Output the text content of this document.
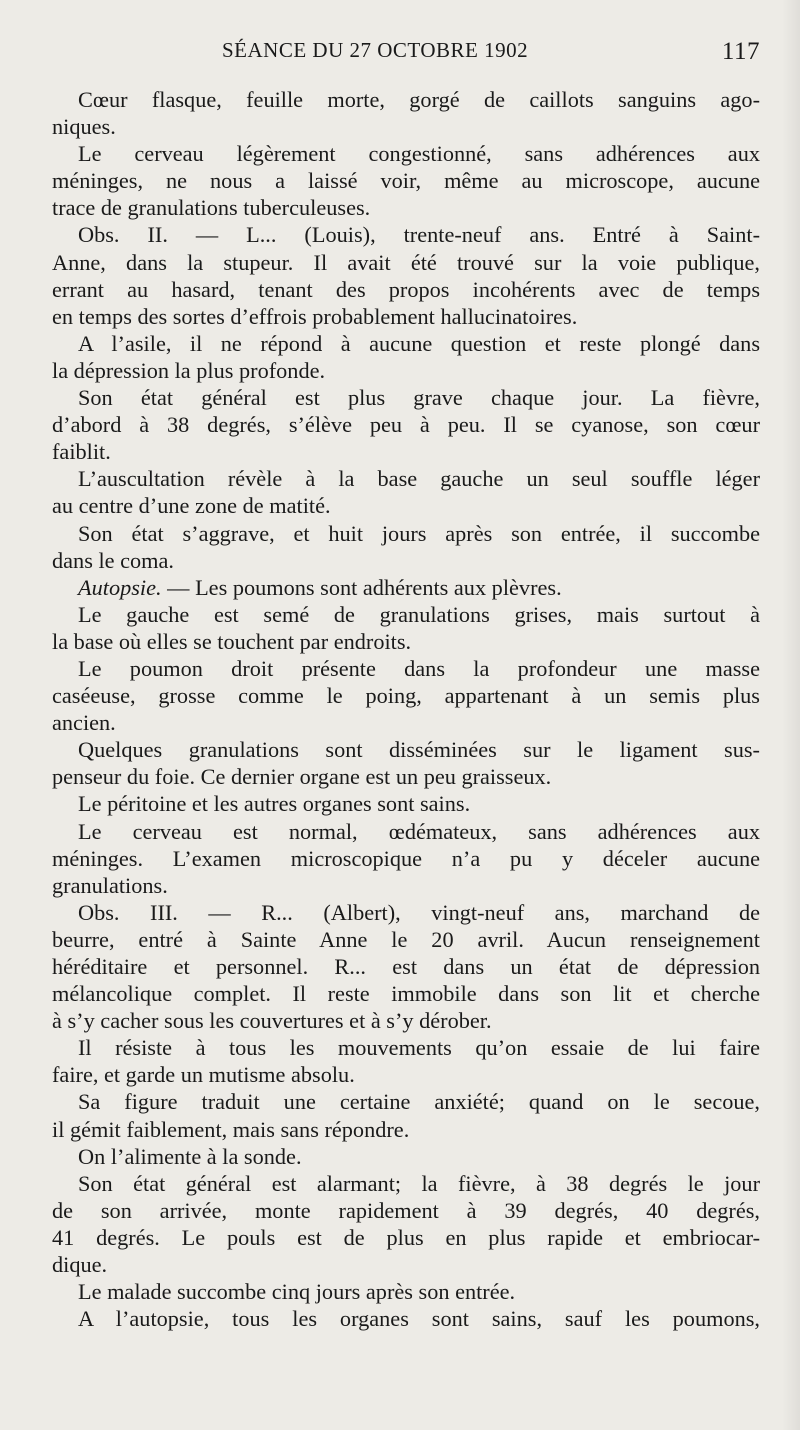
SÉANCE DU 27 OCTOBRE 1902	117
Cœur flasque, feuille morte, gorgé de caillots sanguins ago-
niques.
Le cerveau légèrement congestionné, sans adhérences aux
méninges, ne nous a laissé voir, même au microscope, aucune
trace de granulations tuberculeuses.
Obs. II. — L... (Louis), trente-neuf ans. Entré à Saint-
Anne, dans la stupeur. Il avait été trouvé sur la voie publique,
errant au hasard, tenant des propos incohérents avec de temps
en temps des sortes d’effrois probablement hallucinatoires.
A l’asile, il ne répond à aucune question et reste plongé dans
la dépression la plus profonde.
Son état général est plus grave chaque jour. La fièvre,
d’abord à 38 degrés, s’élève peu à peu. Il se cyanose, son cœur
faiblit.
L’auscultation révèle à la base gauche un seul souffle léger
au centre d’une zone de matité.
Son état s’aggrave, et huit jours après son entrée, il succombe
dans le coma.
Autopsie. — Les poumons sont adhérents aux plèvres.
Le gauche est semé de granulations grises, mais surtout à
la base où elles se touchent par endroits.
Le poumon droit présente dans la profondeur une masse
caséeuse, grosse comme le poing, appartenant à un semis plus
ancien.
Quelques granulations sont disséminées sur le ligament sus-
penseur du foie. Ce dernier organe est un peu graisseux.
Le péritoine et les autres organes sont sains.
Le cerveau est normal, œdémateux, sans adhérences aux
méninges. L’examen microscopique n’a pu y déceler aucune
granulations.
Obs. III. — R... (Albert), vingt-neuf ans, marchand de
beurre, entré à Sainte Anne le 20 avril. Aucun renseignement
héréditaire et personnel. R... est dans un état de dépression
mélancolique complet. Il reste immobile dans son lit et cherche
à s’y cacher sous les couvertures et à s’y dérober.
Il résiste à tous les mouvements qu’on essaie de lui faire
faire, et garde un mutisme absolu.
Sa figure traduit une certaine anxiété; quand on le secoue,
il gémit faiblement, mais sans répondre.
On l’alimente à la sonde.
Son état général est alarmant; la fièvre, à 38 degrés le jour
de son arrivée, monte rapidement à 39 degrés, 40 degrés,
41 degrés. Le pouls est de plus en plus rapide et embriocar-
dique.
Le malade succombe cinq jours après son entrée.
A l’autopsie, tous les organes sont sains, sauf les poumons,
